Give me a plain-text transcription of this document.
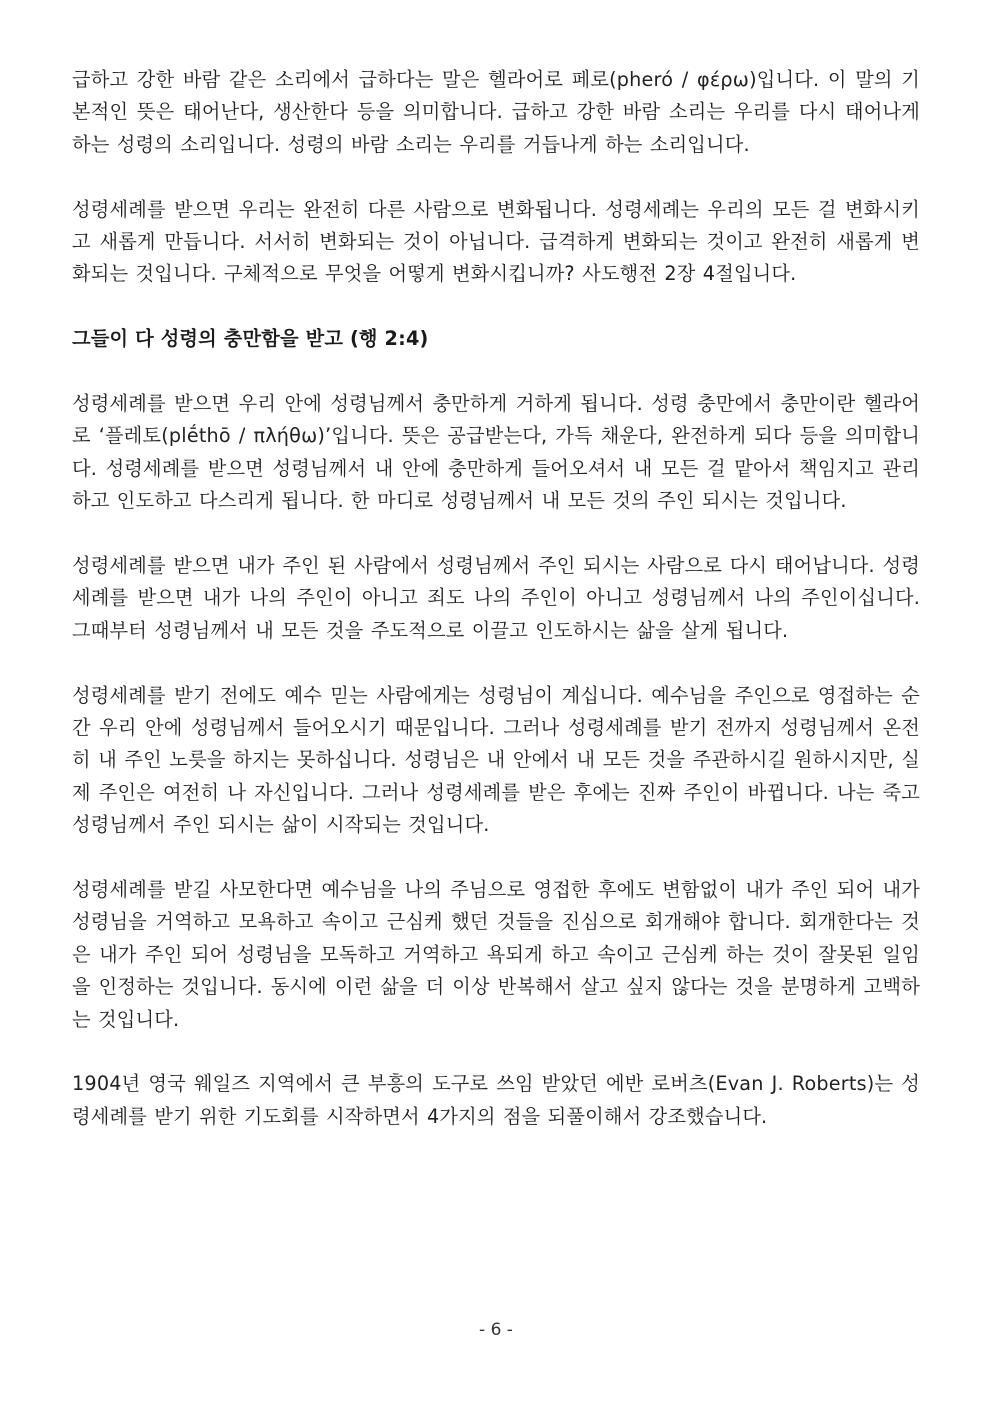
급하고 강한 바람 같은 소리에서 급하다는 말은 헬라어로 페로(pheró / φέρω)입니다. 이 말의 기본적인 뜻은 태어난다, 생산한다 등을 의미합니다. 급하고 강한 바람 소리는 우리를 다시 태어나게 하는 성령의 소리입니다. 성령의 바람 소리는 우리를 거듭나게 하는 소리입니다.

성령세례를 받으면 우리는 완전히 다른 사람으로 변화됩니다. 성령세례는 우리의 모든 걸 변화시키고 새롭게 만듭니다. 서서히 변화되는 것이 아닙니다. 급격하게 변화되는 것이고 완전히 새롭게 변화되는 것입니다. 구체적으로 무엇을 어떻게 변화시킵니까? 사도행전 2장 4절입니다.

그들이 다 성령의 충만함을 받고 (행 2:4)

성령세례를 받으면 우리 안에 성령님께서 충만하게 거하게 됩니다. 성령 충만에서 충만이란 헬라어로 ‘플레토(plḗthō / πλήθω)’입니다. 뜻은 공급받는다, 가득 채운다, 완전하게 되다 등을 의미합니다. 성령세례를 받으면 성령님께서 내 안에 충만하게 들어오셔서 내 모든 걸 맡아서 책임지고 관리하고 인도하고 다스리게 됩니다. 한 마디로 성령님께서 내 모든 것의 주인 되시는 것입니다.

성령세례를 받으면 내가 주인 된 사람에서 성령님께서 주인 되시는 사람으로 다시 태어납니다. 성령세례를 받으면 내가 나의 주인이 아니고 죄도 나의 주인이 아니고 성령님께서 나의 주인이십니다. 그때부터 성령님께서 내 모든 것을 주도적으로 이끌고 인도하시는 삶을 살게 됩니다.

성령세례를 받기 전에도 예수 믿는 사람에게는 성령님이 계십니다. 예수님을 주인으로 영접하는 순간 우리 안에 성령님께서 들어오시기 때문입니다. 그러나 성령세례를 받기 전까지 성령님께서 온전히 내 주인 노릇을 하지는 못하십니다. 성령님은 내 안에서 내 모든 것을 주관하시길 원하시지만, 실제 주인은 여전히 나 자신입니다. 그러나 성령세례를 받은 후에는 진짜 주인이 바뀝니다. 나는 죽고 성령님께서 주인 되시는 삶이 시작되는 것입니다.

성령세례를 받길 사모한다면 예수님을 나의 주님으로 영접한 후에도 변함없이 내가 주인 되어 내가 성령님을 거역하고 모욕하고 속이고 근심케 했던 것들을 진심으로 회개해야 합니다. 회개한다는 것은 내가 주인 되어 성령님을 모독하고 거역하고 욕되게 하고 속이고 근심케 하는 것이 잘못된 일임을 인정하는 것입니다. 동시에 이런 삶을 더 이상 반복해서 살고 싶지 않다는 것을 분명하게 고백하는 것입니다.

1904년 영국 웨일즈 지역에서 큰 부흥의 도구로 쓰임 받았던 에반 로버츠(Evan J. Roberts)는 성령세례를 받기 위한 기도회를 시작하면서 4가지의 점을 되풀이해서 강조했습니다.

- 6 -
